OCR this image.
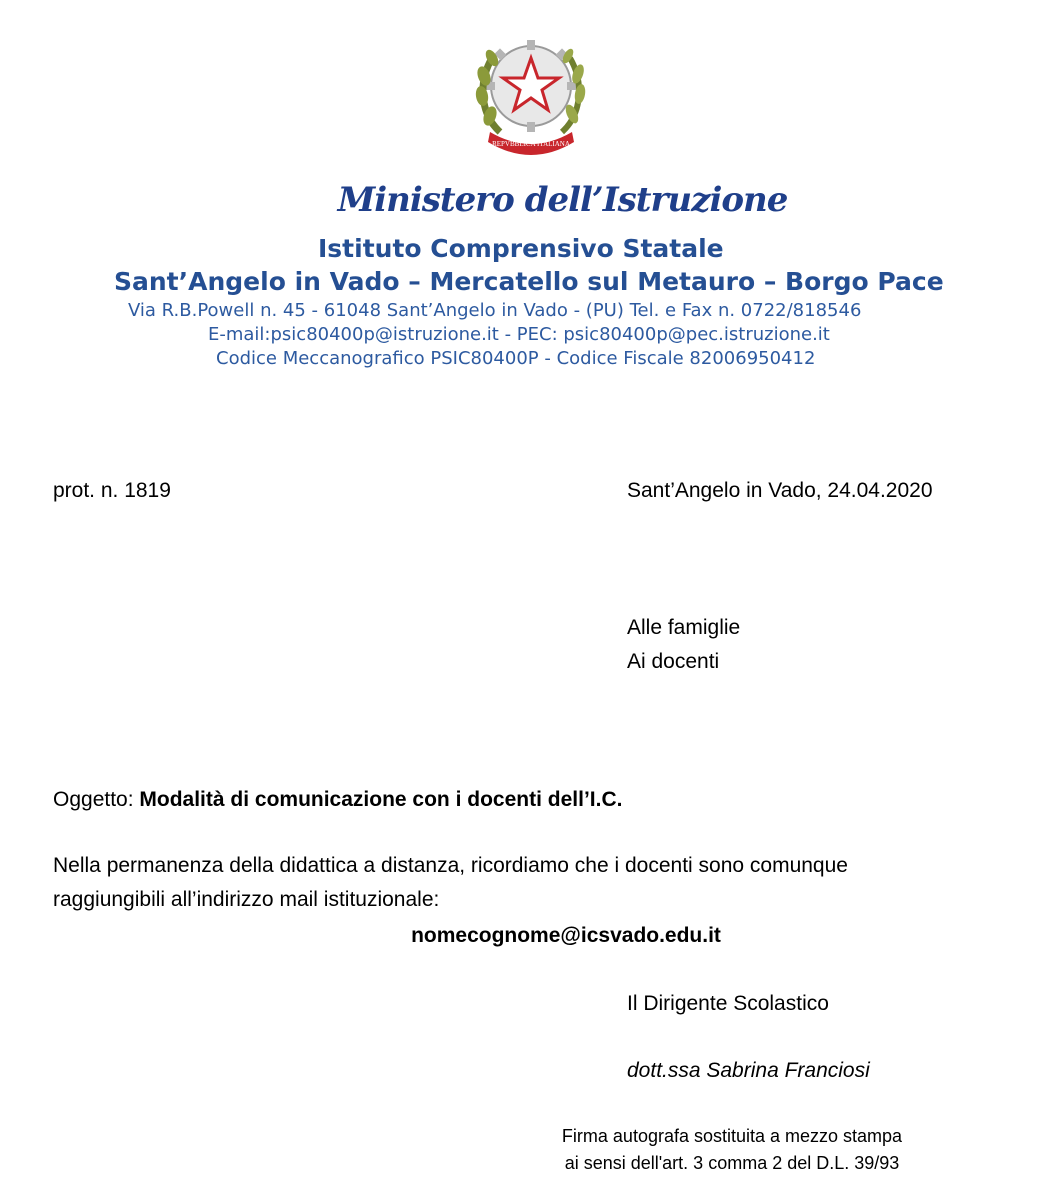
REPVBBLICA ITALIANA
Ministero dell’Istruzione
Istituto Comprensivo Statale
Sant’Angelo in Vado – Mercatello sul Metauro – Borgo Pace
Via R.B.Powell n. 45 - 61048 Sant’Angelo in Vado - (PU) Tel. e Fax n. 0722/818546
E-mail:psic80400p@istruzione.it - PEC: psic80400p@pec.istruzione.it
Codice Meccanografico PSIC80400P - Codice Fiscale 82006950412
prot. n. 1819	Sant’Angelo in Vado, 24.04.2020
Alle famiglie
Ai docenti
Oggetto: Modalità di comunicazione con i docenti dell’I.C.
Nella permanenza della didattica a distanza, ricordiamo che i docenti sono comunque
raggiungibili all’indirizzo mail istituzionale:
nomecognome@icsvado.edu.it
Il Dirigente Scolastico
dott.ssa Sabrina Franciosi
Firma autografa sostituita a mezzo stampa
ai sensi dell'art. 3 comma 2 del D.L. 39/93
